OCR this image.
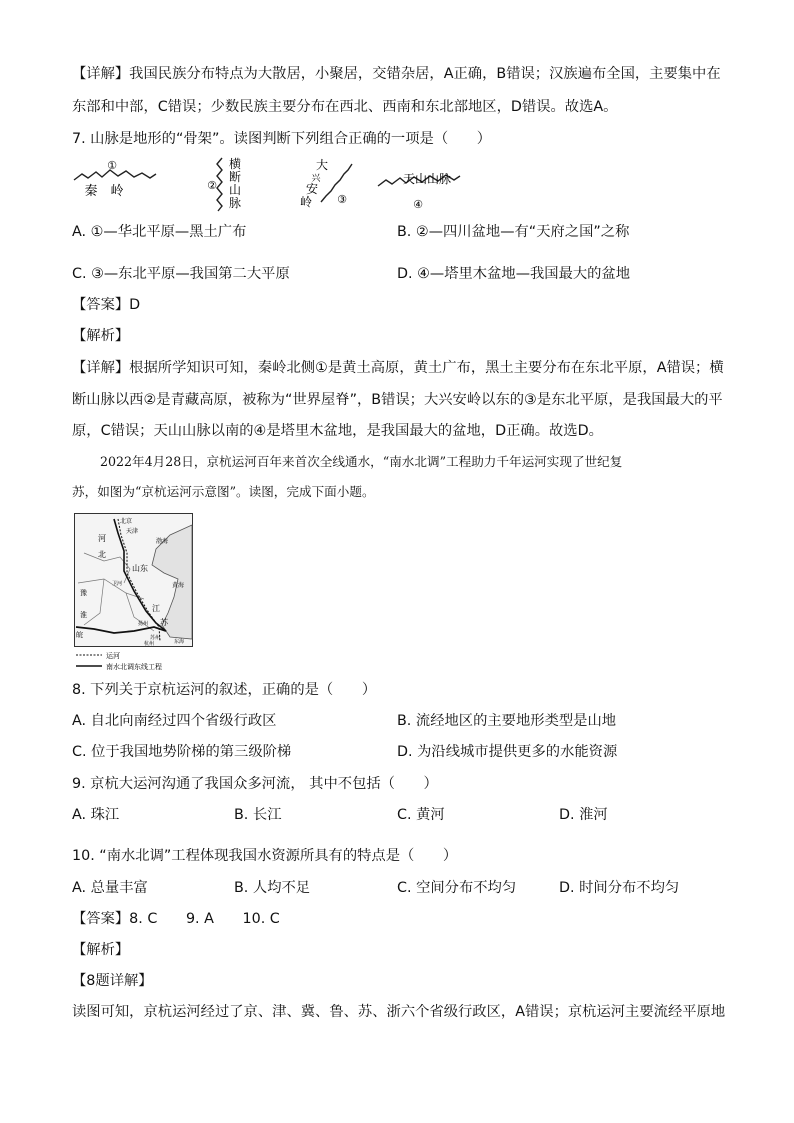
【详解】我国民族分布特点为大散居，小聚居，交错杂居，A正确，B错误；汉族遍布全国，主要集中在
东部和中部，C错误；少数民族主要分布在西北、西南和东北部地区，D错误。故选A。
7. 山脉是地形的“骨架”。读图判断下列组合正确的一项是（　　）
①
秦　岭	②
横
断
山
脉
大
兴
安
岭 ③
天山山脉
④
A. ①—华北平原—黑土广布	B. ②—四川盆地—有“天府之国”之称
C. ③—东北平原—我国第二大平原	D. ④—塔里木盆地—我国最大的盆地
【答案】D
【解析】
【详解】根据所学知识可知，秦岭北侧①是黄土高原，黄土广布，黑土主要分布在东北平原，A错误；横
断山脉以西②是青藏高原，被称为“世界屋脊”，B错误；大兴安岭以东的③是东北平原，是我国最大的平
原，C错误；天山山脉以南的④是塔里木盆地，是我国最大的盆地，D正确。故选D。
2022年4月28日，京杭运河百年来首次全线通水，“南水北调”工程助力千年运河实现了世纪复
苏，如图为“京杭运河示意图”。读图，完成下面小题。
北京
天津
河
北
渤海
山东
黄海
豫
淮
江
苏
皖
扬州
苏州
杭州	东海
卫河
运河
南水北调东线工程
8. 下列关于京杭运河的叙述，正确的是（　　）
A. 自北向南经过四个省级行政区	B. 流经地区的主要地形类型是山地
C. 位于我国地势阶梯的第三级阶梯	D. 为沿线城市提供更多的水能资源
9. 京杭大运河沟通了我国众多河流， 其中不包括（　　）
A. 珠江	B. 长江	C. 黄河	D. 淮河
10. “南水北调”工程体现我国水资源所具有的特点是（　　）
A. 总量丰富	B. 人均不足	C. 空间分布不均匀	D. 时间分布不均匀
【答案】8. C　　9. A　　10. C
【解析】
【8题详解】
读图可知，京杭运河经过了京、津、冀、鲁、苏、浙六个省级行政区，A错误；京杭运河主要流经平原地
